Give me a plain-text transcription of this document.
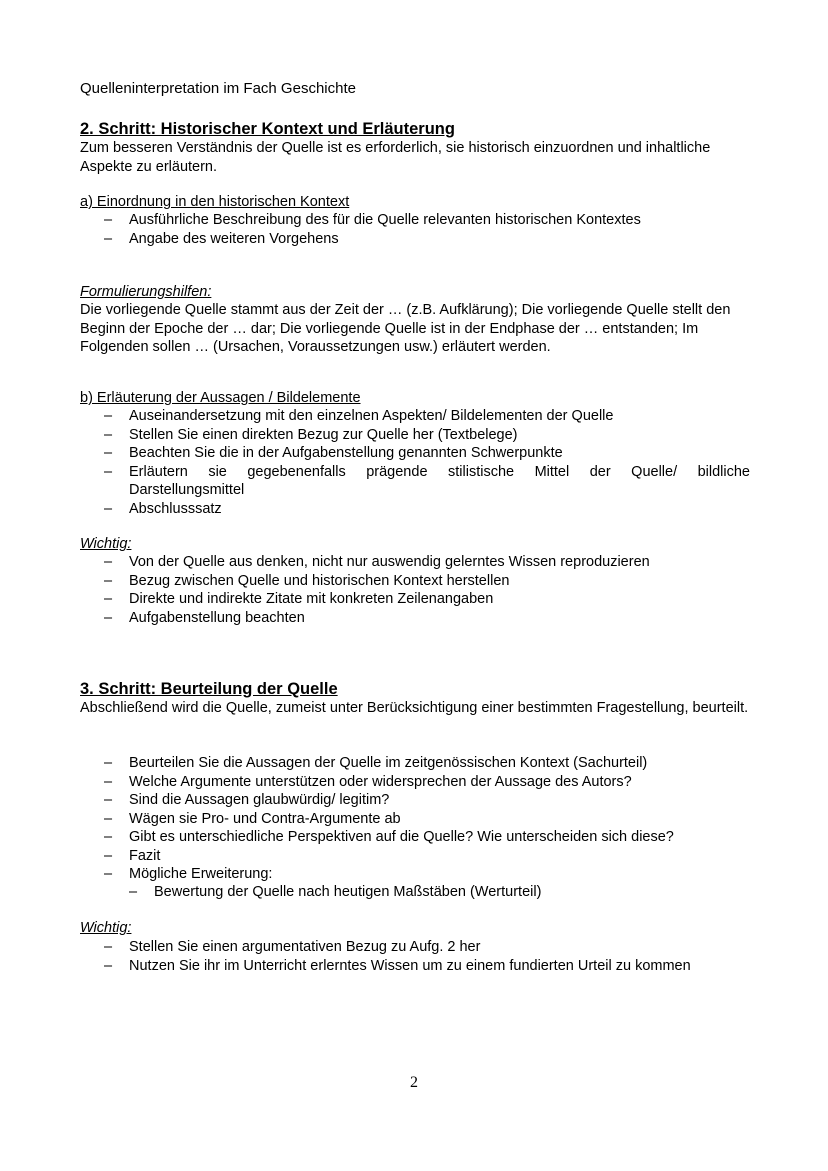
Quelleninterpretation im Fach Geschichte
2. Schritt: Historischer Kontext und Erläuterung
Zum besseren Verständnis der Quelle ist es erforderlich, sie historisch einzuordnen und inhaltliche Aspekte zu erläutern.
a) Einordnung in den historischen Kontext
– Ausführliche Beschreibung des für die Quelle relevanten historischen Kontextes
– Angabe des weiteren Vorgehens
Formulierungshilfen:
Die vorliegende Quelle stammt aus der Zeit der … (z.B. Aufklärung); Die vorliegende Quelle stellt den Beginn der Epoche der … dar; Die vorliegende Quelle ist in der Endphase der … entstanden; Im Folgenden sollen … (Ursachen, Voraussetzungen usw.) erläutert werden.
b) Erläuterung der Aussagen / Bildelemente
– Auseinandersetzung mit den einzelnen Aspekten/ Bildelementen der Quelle
– Stellen Sie einen direkten Bezug zur Quelle her (Textbelege)
– Beachten Sie die in der Aufgabenstellung genannten Schwerpunkte
– Erläutern sie gegebenenfalls prägende stilistische Mittel der Quelle/ bildliche
Darstellungsmittel
– Abschlusssatz
Wichtig:
– Von der Quelle aus denken, nicht nur auswendig gelerntes Wissen reproduzieren
– Bezug zwischen Quelle und historischen Kontext herstellen
– Direkte und indirekte Zitate mit konkreten Zeilenangaben
– Aufgabenstellung beachten
3. Schritt: Beurteilung der Quelle
Abschließend wird die Quelle, zumeist unter Berücksichtigung einer bestimmten Fragestellung, beurteilt.
– Beurteilen Sie die Aussagen der Quelle im zeitgenössischen Kontext (Sachurteil)
– Welche Argumente unterstützen oder widersprechen der Aussage des Autors?
– Sind die Aussagen glaubwürdig/ legitim?
– Wägen sie Pro- und Contra-Argumente ab
– Gibt es unterschiedliche Perspektiven auf die Quelle? Wie unterscheiden sich diese?
– Fazit
– Mögliche Erweiterung:
– Bewertung der Quelle nach heutigen Maßstäben (Werturteil)
Wichtig:
– Stellen Sie einen argumentativen Bezug zu Aufg. 2 her
– Nutzen Sie ihr im Unterricht erlerntes Wissen um zu einem fundierten Urteil zu kommen
2
